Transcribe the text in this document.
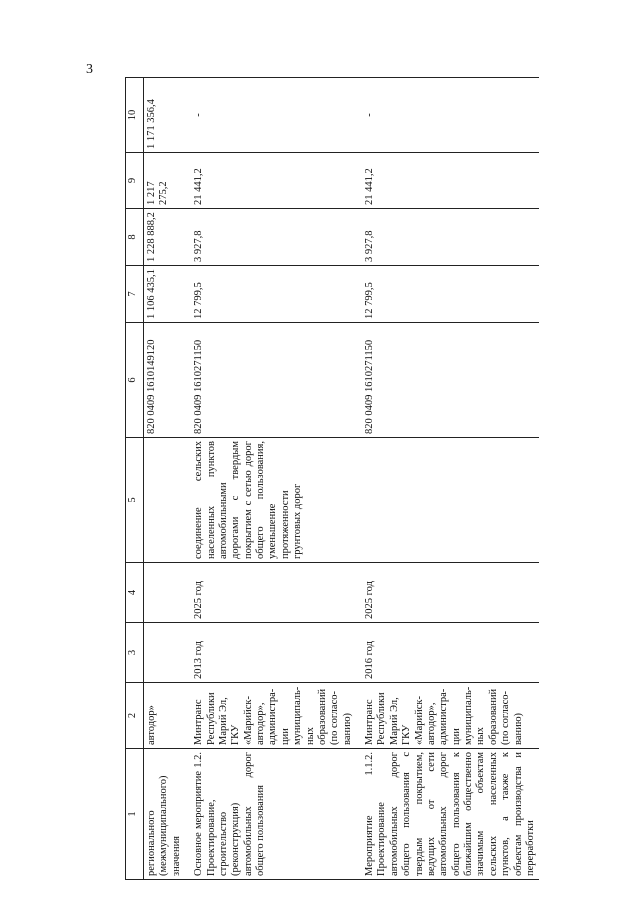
3
1	2	3	4	5	6	7	8	9	10
регионального (межмуниципального) значения	автодор»				820 0409 1610149120	1 106 435,1	1 228 888,2	1 217 275,2	1 171 356,4

Основное мероприятие 1.2. Проектирование, строительство (реконструкция) автомобильных дорог общего пользования	Минтранс Республики Марий Эл, ГКУ «Марийск-автодор», администра-ции муниципаль-ных образований (по согласо-ванию)	2013 год	2025 год	соединение сельских населенных пунктов автомобильными дорогами с твердым покрытием с сетью дорог общего пользования, уменьшение протяженности грунтовых дорог	820 0409 1610271150	12 799,5	3 927,8	21 441,2	-

Мероприятие 1.1.2. Проектирование автомобильных дорог общего пользования с твердым покрытием, ведущих от сети автомобильных дорог общего пользования к ближайшим общественно значимым объектам сельских населенных пунктов, а также к объектам производства и переработки	Минтранс Республики Марий Эл, ГКУ «Марийск-автодор», администра-ции муниципаль-ных образований (по согласо-ванию)	2016 год	2025 год		820 0409 1610271150	12 799,5	3 927,8	21 441,2	-
